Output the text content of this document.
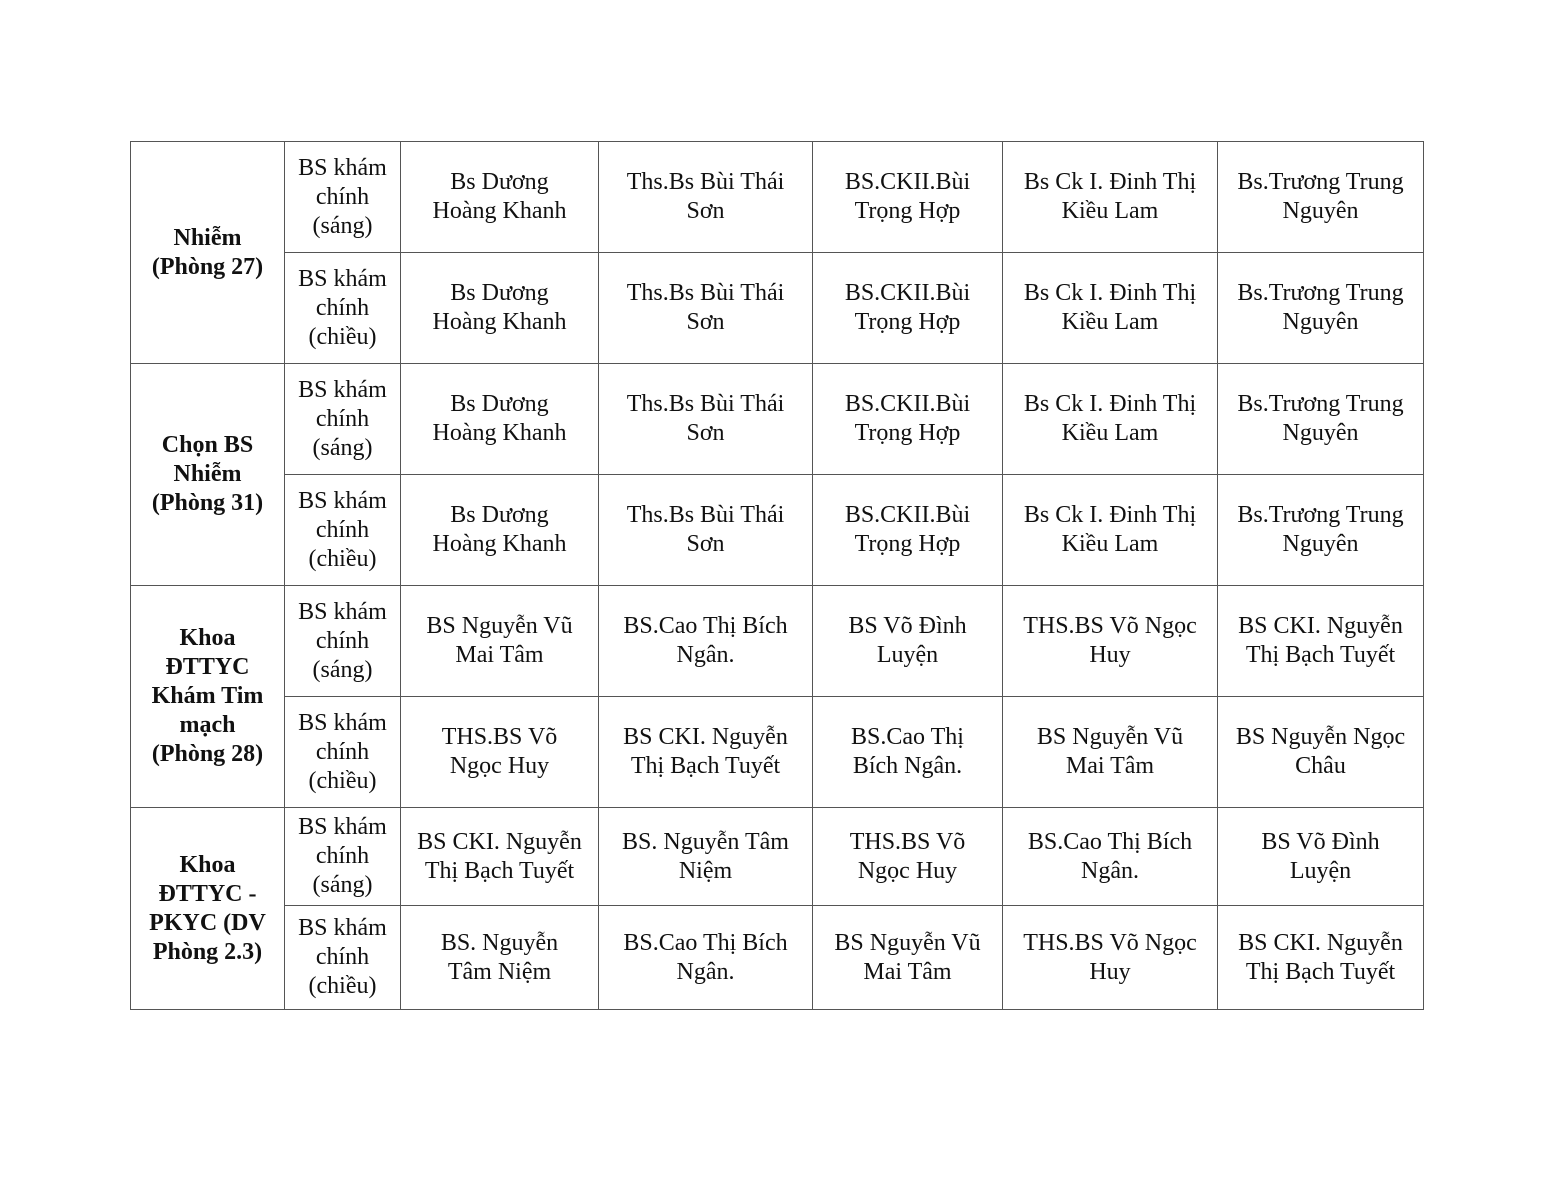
Nhiễm
(Phòng 27)	BS khám
chính
(sáng)	Bs Dương
Hoàng Khanh	Ths.Bs Bùi Thái
Sơn	BS.CKII.Bùi
Trọng Hợp	Bs Ck I. Đinh Thị
Kiều Lam	Bs.Trương Trung
Nguyên

	BS khám
chính
(chiều)	Bs Dương
Hoàng Khanh	Ths.Bs Bùi Thái
Sơn	BS.CKII.Bùi
Trọng Hợp	Bs Ck I. Đinh Thị
Kiều Lam	Bs.Trương Trung
Nguyên

Chọn BS
Nhiễm
(Phòng 31)	BS khám
chính
(sáng)	Bs Dương
Hoàng Khanh	Ths.Bs Bùi Thái
Sơn	BS.CKII.Bùi
Trọng Hợp	Bs Ck I. Đinh Thị
Kiều Lam	Bs.Trương Trung
Nguyên

	BS khám
chính
(chiều)	Bs Dương
Hoàng Khanh	Ths.Bs Bùi Thái
Sơn	BS.CKII.Bùi
Trọng Hợp	Bs Ck I. Đinh Thị
Kiều Lam	Bs.Trương Trung
Nguyên

Khoa
ĐTTYC
Khám Tim
mạch
(Phòng 28)	BS khám
chính
(sáng)	BS Nguyễn Vũ
Mai Tâm	BS.Cao Thị Bích
Ngân.	BS Võ Đình
Luyện	THS.BS Võ Ngọc
Huy	BS CKI. Nguyễn
Thị Bạch Tuyết

	BS khám
chính
(chiều)	THS.BS Võ
Ngọc Huy	BS CKI. Nguyễn
Thị Bạch Tuyết	BS.Cao Thị
Bích Ngân.	BS Nguyễn Vũ
Mai Tâm	BS Nguyễn Ngọc
Châu

Khoa
ĐTTYC -
PKYC (DV
Phòng 2.3)	BS khám
chính
(sáng)	BS CKI. Nguyễn
Thị Bạch Tuyết	BS. Nguyễn Tâm
Niệm	THS.BS Võ
Ngọc Huy	BS.Cao Thị Bích
Ngân.	BS Võ Đình
Luyện

	BS khám
chính
(chiều)	BS. Nguyễn
Tâm Niệm	BS.Cao Thị Bích
Ngân.	BS Nguyễn Vũ
Mai Tâm	THS.BS Võ Ngọc
Huy	BS CKI. Nguyễn
Thị Bạch Tuyết
